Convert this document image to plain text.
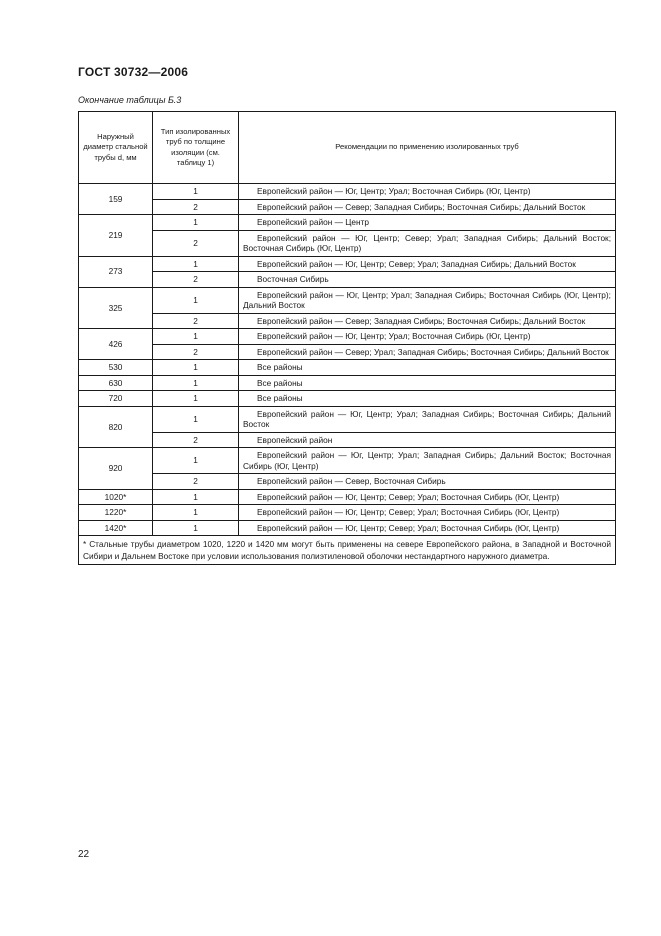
ГОСТ 30732—2006
Окончание таблицы Б.3
Наружный диаметр стальной трубы d, мм	Тип изолированных труб по толщине изоляции (см. таблицу 1)	Рекомендации по применению изолированных труб
159	1	Европейский район — Юг, Центр; Урал; Восточная Сибирь (Юг, Центр)
	2	Европейский район — Север; Западная Сибирь; Восточная Сибирь; Дальний Восток
219	1	Европейский район — Центр
	2	Европейский район — Юг, Центр; Север; Урал; Западная Сибирь; Дальний Восток; Восточная Сибирь (Юг, Центр)
273	1	Европейский район — Юг, Центр; Север; Урал; Западная Сибирь; Дальний Восток
	2	Восточная Сибирь
325	1	Европейский район — Юг, Центр; Урал; Западная Сибирь; Восточная Сибирь (Юг, Центр); Дальний Восток
	2	Европейский район — Север; Западная Сибирь; Восточная Сибирь; Дальний Восток
426	1	Европейский район — Юг, Центр; Урал; Восточная Сибирь (Юг, Центр)
	2	Европейский район — Север; Урал; Западная Сибирь; Восточная Сибирь; Дальний Восток
530	1	Все районы
630	1	Все районы
720	1	Все районы
820	1	Европейский район — Юг, Центр; Урал; Западная Сибирь; Восточная Сибирь; Дальний Восток
	2	Европейский район
920	1	Европейский район — Юг, Центр; Урал; Западная Сибирь; Дальний Восток; Восточная Сибирь (Юг, Центр)
	2	Европейский район — Север, Восточная Сибирь
1020*	1	Европейский район — Юг, Центр; Север; Урал; Восточная Сибирь (Юг, Центр)
1220*	1	Европейский район — Юг, Центр; Север; Урал; Восточная Сибирь (Юг, Центр)
1420*	1	Европейский район — Юг, Центр; Север; Урал; Восточная Сибирь (Юг, Центр)
* Стальные трубы диаметром 1020, 1220 и 1420 мм могут быть применены на севере Европейского района, в Западной и Восточной Сибири и Дальнем Востоке при условии использования полиэтиленовой оболочки нестандартного наружного диаметра.		
22
